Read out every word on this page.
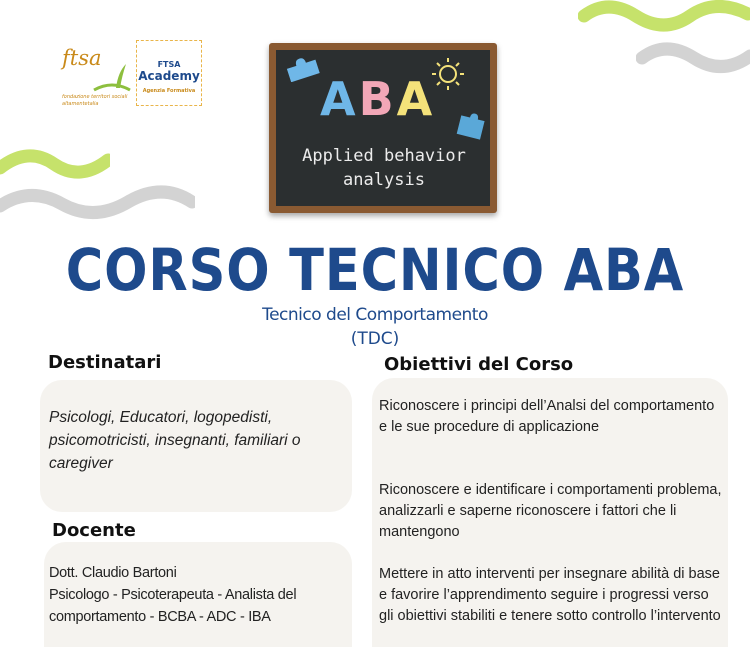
ftsa
fondazione territori sociali altamentetalia
FTSA
Academy
Agenzia Formativa	ABA
Applied behavior
analysis
CORSO TECNICO ABA
Tecnico del Comportamento
(TDC)
Destinatari
Psicologi, Educatori, logopedisti, psicomotricisti, insegnanti, familiari o caregiver
Docente
Dott. Claudio Bartoni
Psicologo - Psicoterapeuta - Analista del comportamento - BCBA - ADC - IBA
Obiettivi del Corso
Riconoscere i principi dell’Analsi del comportamento e le sue procedure di applicazione
Riconoscere e identificare i comportamenti problema, analizzarli e saperne riconoscere i fattori che li mantengono
Mettere in atto interventi per insegnare abilità di base e favorire l’apprendimento seguire i progressi verso gli obiettivi stabiliti e tenere sotto controllo l’intervento
